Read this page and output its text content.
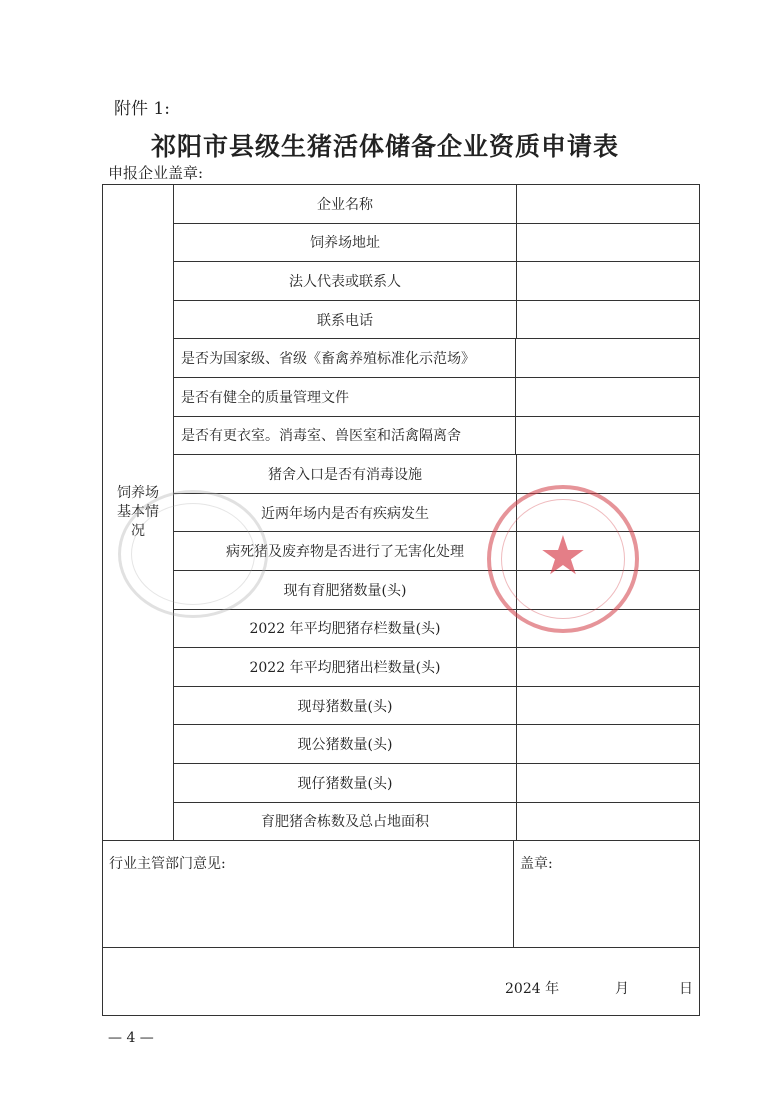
附件 1:
祁阳市县级生猪活体储备企业资质申请表
申报企业盖章:
饲养场基本情况
企业名称
饲养场地址
法人代表或联系人
联系电话
是否为国家级、省级《畜禽养殖标准化示范场》
是否有健全的质量管理文件
是否有更衣室。消毒室、兽医室和活禽隔离舍
猪舍入口是否有消毒设施
近两年场内是否有疾病发生
病死猪及废弃物是否进行了无害化处理
现有育肥猪数量(头)
2022 年平均肥猪存栏数量(头)
2022 年平均肥猪出栏数量(头)
现母猪数量(头)
现公猪数量(头)
现仔猪数量(头)
育肥猪舍栋数及总占地面积
行业主管部门意见:	盖章:
2024 年	月	日
★
— 4 —
